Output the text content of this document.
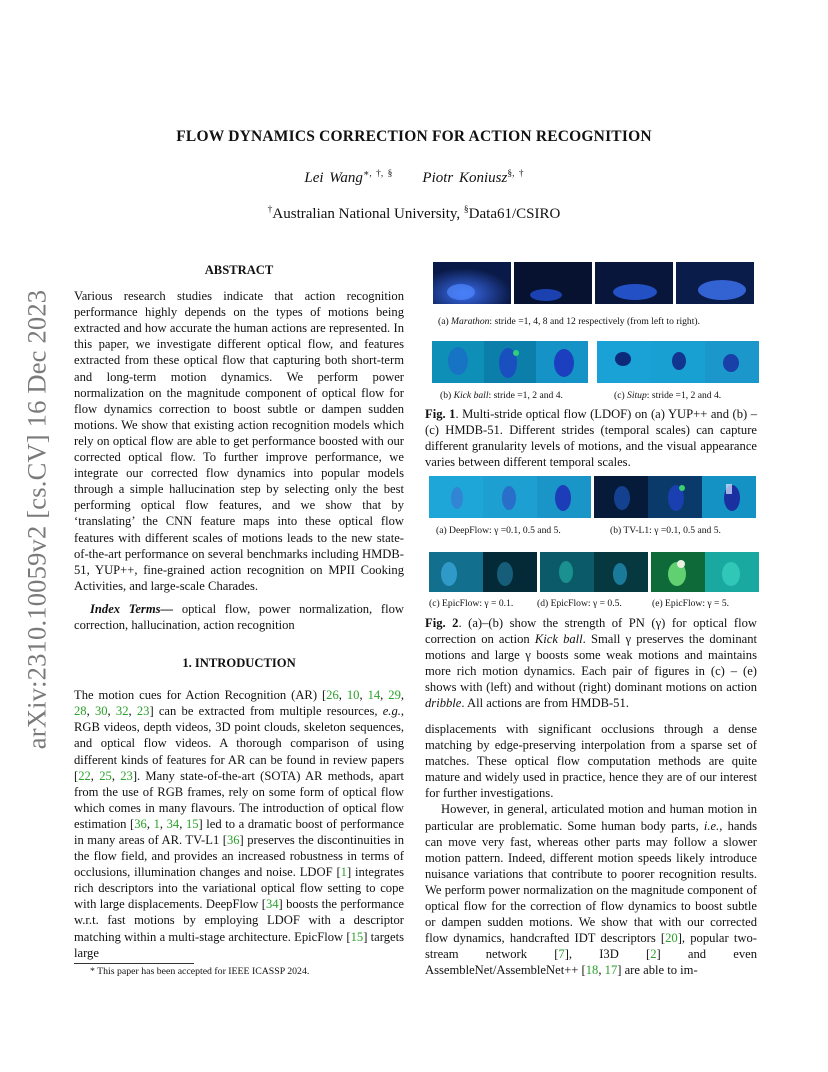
arXiv:2310.10059v2 [cs.CV] 16 Dec 2023
FLOW DYNAMICS CORRECTION FOR ACTION RECOGNITION
Lei Wang∗, †, § Piotr Koniusz§, †
†Australian National University, §Data61/CSIRO
ABSTRACT

Various research studies indicate that action recognition performance highly depends on the types of motions being extracted and how accurate the human actions are represented. In this paper, we investigate different optical flow, and features extracted from these optical flow that capturing both short-term and long-term motion dynamics. We perform power normalization on the magnitude component of optical flow for flow dynamics correction to boost subtle or dampen sudden motions. We show that existing action recognition models which rely on optical flow are able to get performance boosted with our corrected optical flow. To further improve performance, we integrate our corrected flow dynamics into popular models through a simple hallucination step by selecting only the best performing optical flow features, and we show that by ‘translating’ the CNN feature maps into these optical flow features with different scales of motions leads to the new state-of-the-art performance on several benchmarks including HMDB-51, YUP++, fine-grained action recognition on MPII Cooking Activities, and large-scale Charades.

Index Terms— optical flow, power normalization, flow correction, hallucination, action recognition

1. INTRODUCTION

The motion cues for Action Recognition (AR) [26, 10, 14, 29, 28, 30, 32, 23] can be extracted from multiple resources, e.g., RGB videos, depth videos, 3D point clouds, skeleton sequences, and optical flow videos. A thorough comparison of using different kinds of features for AR can be found in review papers [22, 25, 23]. Many state-of-the-art (SOTA) AR methods, apart from the use of RGB frames, rely on some form of optical flow which comes in many flavours. The introduction of optical flow estimation [36, 1, 34, 15] led to a dramatic boost of performance in many areas of AR. TV-L1 [36] preserves the discontinuities in the flow field, and provides an increased robustness in terms of occlusions, illumination changes and noise. LDOF [1] integrates rich descriptors into the variational optical flow setting to cope with large displacements. DeepFlow [34] boosts the performance w.r.t. fast motions by employing LDOF with a descriptor matching within a multi-stage architecture. EpicFlow [15] targets large

* This paper has been accepted for IEEE ICASSP 2024.
(a) Marathon: stride =1, 4, 8 and 12 respectively (from left to right).
(b) Kick ball: stride =1, 2 and 4.	(c) Situp: stride =1, 2 and 4.
Fig. 1. Multi-stride optical flow (LDOF) on (a) YUP++ and (b) – (c) HMDB-51. Different strides (temporal scales) can capture different granularity levels of motions, and the visual appearance varies between different temporal scales.
(a) DeepFlow: γ =0.1, 0.5 and 5.	(b) TV-L1: γ =0.1, 0.5 and 5.
(c) EpicFlow: γ = 0.1. (d) EpicFlow: γ = 0.5.	(e) EpicFlow: γ = 5.
Fig. 2. (a)–(b) show the strength of PN (γ) for optical flow correction on action Kick ball. Small γ preserves the dominant motions and large γ boosts some weak motions and maintains more rich motion dynamics. Each pair of figures in (c) – (e) shows with (left) and without (right) dominant motions on action dribble. All actions are from HMDB-51.

displacements with significant occlusions through a dense matching by edge-preserving interpolation from a sparse set of matches. These optical flow computation methods are quite mature and widely used in practice, hence they are of our interest for further investigations.

However, in general, articulated motion and human motion in particular are problematic. Some human body parts, i.e., hands can move very fast, whereas other parts may follow a slower motion pattern. Indeed, different motion speeds likely introduce nuisance variations that contribute to poorer recognition results. We perform power normalization on the magnitude component of optical flow for the correction of flow dynamics to boost subtle or dampen sudden motions. We show that with our corrected flow dynamics, handcrafted IDT descriptors [20], popular two-stream network [7], I3D [2] and even AssembleNet/AssembleNet++ [18, 17] are able to im-
